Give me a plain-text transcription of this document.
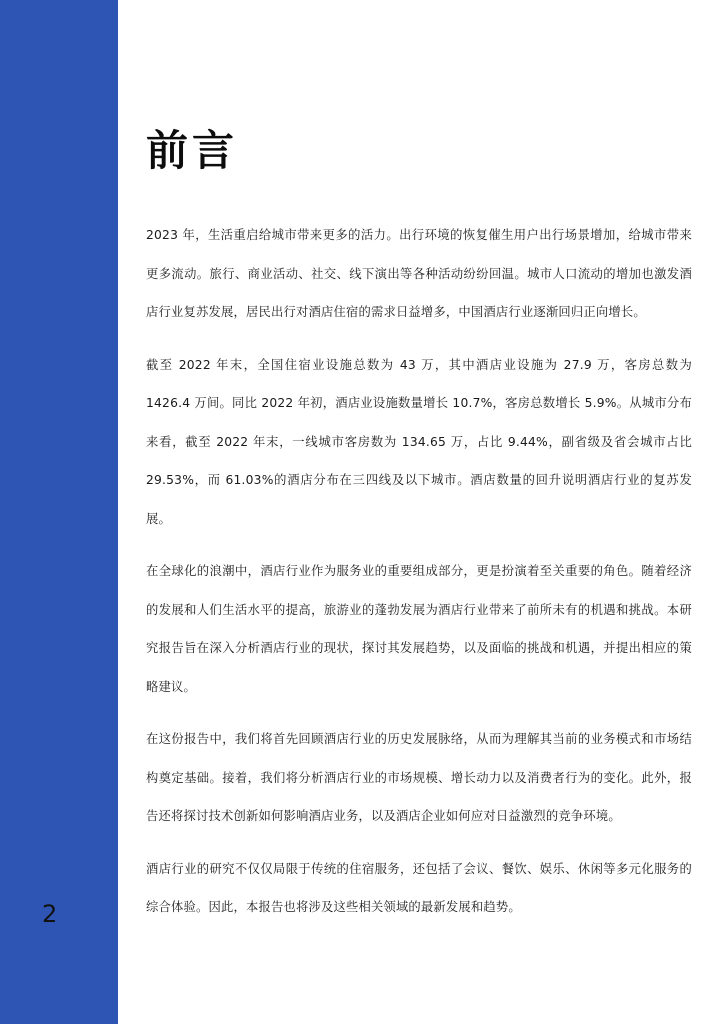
2
前言

2023 年，生活重启给城市带来更多的活力。出行环境的恢复催生用户出行场景增加，给城市带来更多流动。旅行、商业活动、社交、线下演出等各种活动纷纷回温。城市人口流动的增加也激发酒店行业复苏发展，居民出行对酒店住宿的需求日益增多，中国酒店行业逐渐回归正向增长。

截至 2022 年末，全国住宿业设施总数为 43 万，其中酒店业设施为 27.9 万，客房总数为 1426.4 万间。同比 2022 年初，酒店业设施数量增长 10.7%，客房总数增长 5.9%。从城市分布来看，截至 2022 年末，一线城市客房数为 134.65 万，占比 9.44%，副省级及省会城市占比 29.53%，而 61.03%的酒店分布在三四线及以下城市。酒店数量的回升说明酒店行业的复苏发展。

在全球化的浪潮中，酒店行业作为服务业的重要组成部分，更是扮演着至关重要的角色。随着经济的发展和人们生活水平的提高，旅游业的蓬勃发展为酒店行业带来了前所未有的机遇和挑战。本研究报告旨在深入分析酒店行业的现状，探讨其发展趋势，以及面临的挑战和机遇，并提出相应的策略建议。

在这份报告中，我们将首先回顾酒店行业的历史发展脉络，从而为理解其当前的业务模式和市场结构奠定基础。接着，我们将分析酒店行业的市场规模、增长动力以及消费者行为的变化。此外，报告还将探讨技术创新如何影响酒店业务，以及酒店企业如何应对日益激烈的竞争环境。

酒店行业的研究不仅仅局限于传统的住宿服务，还包括了会议、餐饮、娱乐、休闲等多元化服务的综合体验。因此，本报告也将涉及这些相关领域的最新发展和趋势。
